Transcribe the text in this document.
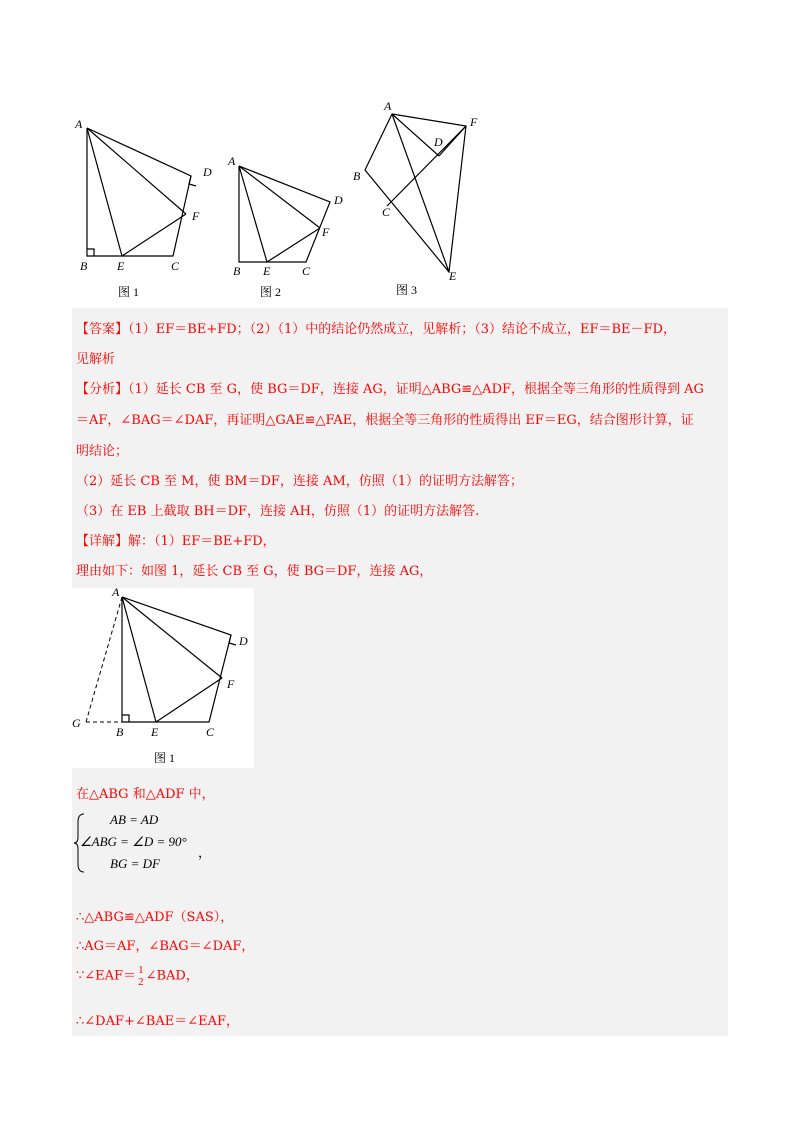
A
B E	C
D
F
图 1
A
B E	C
D
F
图 2
A
F
D
B
C
E
图 3
【答案】（1）EF＝BE+FD；（2）（1）中的结论仍然成立，见解析；（3）结论不成立，EF＝BE－FD，
见解析
【分析】（1）延长 CB 至 G，使 BG＝DF，连接 AG，证明△ABG≌△ADF，根据全等三角形的性质得到 AG
＝AF，∠BAG＝∠DAF，再证明△GAE≌△FAE，根据全等三角形的性质得出 EF＝EG，结合图形计算，证
明结论；
（2）延长 CB 至 M，使 BM＝DF，连接 AM，仿照（1）的证明方法解答；
（3）在 EB 上截取 BH＝DF，连接 AH，仿照（1）的证明方法解答.
【详解】解：（1）EF＝BE+FD，
理由如下：如图 1，延长 CB 至 G，使 BG＝DF，连接 AG，
A
D
F
G
B E	C
图 1
在△ABG 和△ADF 中，
AB = AD
∠ABG = ∠D = 90°
BG = DF
，
∴△ABG≌△ADF（SAS），
∴AG＝AF，∠BAG＝∠DAF，
∵∠EAF＝ 1
2 ∠BAD，
∴∠DAF+∠BAE＝∠EAF，
